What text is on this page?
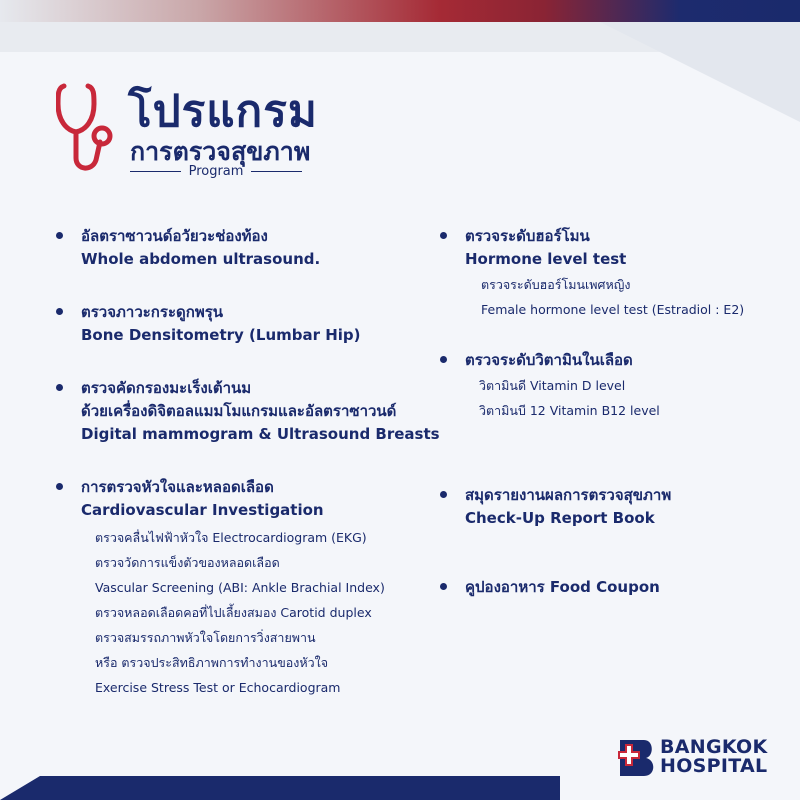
โปรแกรม
การตรวจสุขภาพ
Program
อัลตราซาวนด์อวัยวะช่องท้อง
Whole abdomen ultrasound.
ตรวจภาวะกระดูกพรุน
Bone Densitometry (Lumbar Hip)
ตรวจคัดกรองมะเร็งเต้านม
ด้วยเครื่องดิจิตอลแมมโมแกรมและอัลตราซาวนด์
Digital mammogram & Ultrasound Breasts
การตรวจหัวใจและหลอดเลือด
Cardiovascular Investigation
ตรวจคลื่นไฟฟ้าหัวใจ Electrocardiogram (EKG)
ตรวจวัดการแข็งตัวของหลอดเลือด
Vascular Screening (ABI: Ankle Brachial Index)
ตรวจหลอดเลือดคอที่ไปเลี้ยงสมอง Carotid duplex
ตรวจสมรรถภาพหัวใจโดยการวิ่งสายพาน
หรือ ตรวจประสิทธิภาพการทำงานของหัวใจ
Exercise Stress Test or Echocardiogram
ตรวจระดับฮอร์โมน
Hormone level test
ตรวจระดับฮอร์โมนเพศหญิง
Female hormone level test (Estradiol : E2)
ตรวจระดับวิตามินในเลือด
วิตามินดี Vitamin D level
วิตามินบี 12 Vitamin B12 level
สมุดรายงานผลการตรวจสุขภาพ
Check-Up Report Book
คูปองอาหาร Food Coupon
BANGKOK
HOSPITAL
